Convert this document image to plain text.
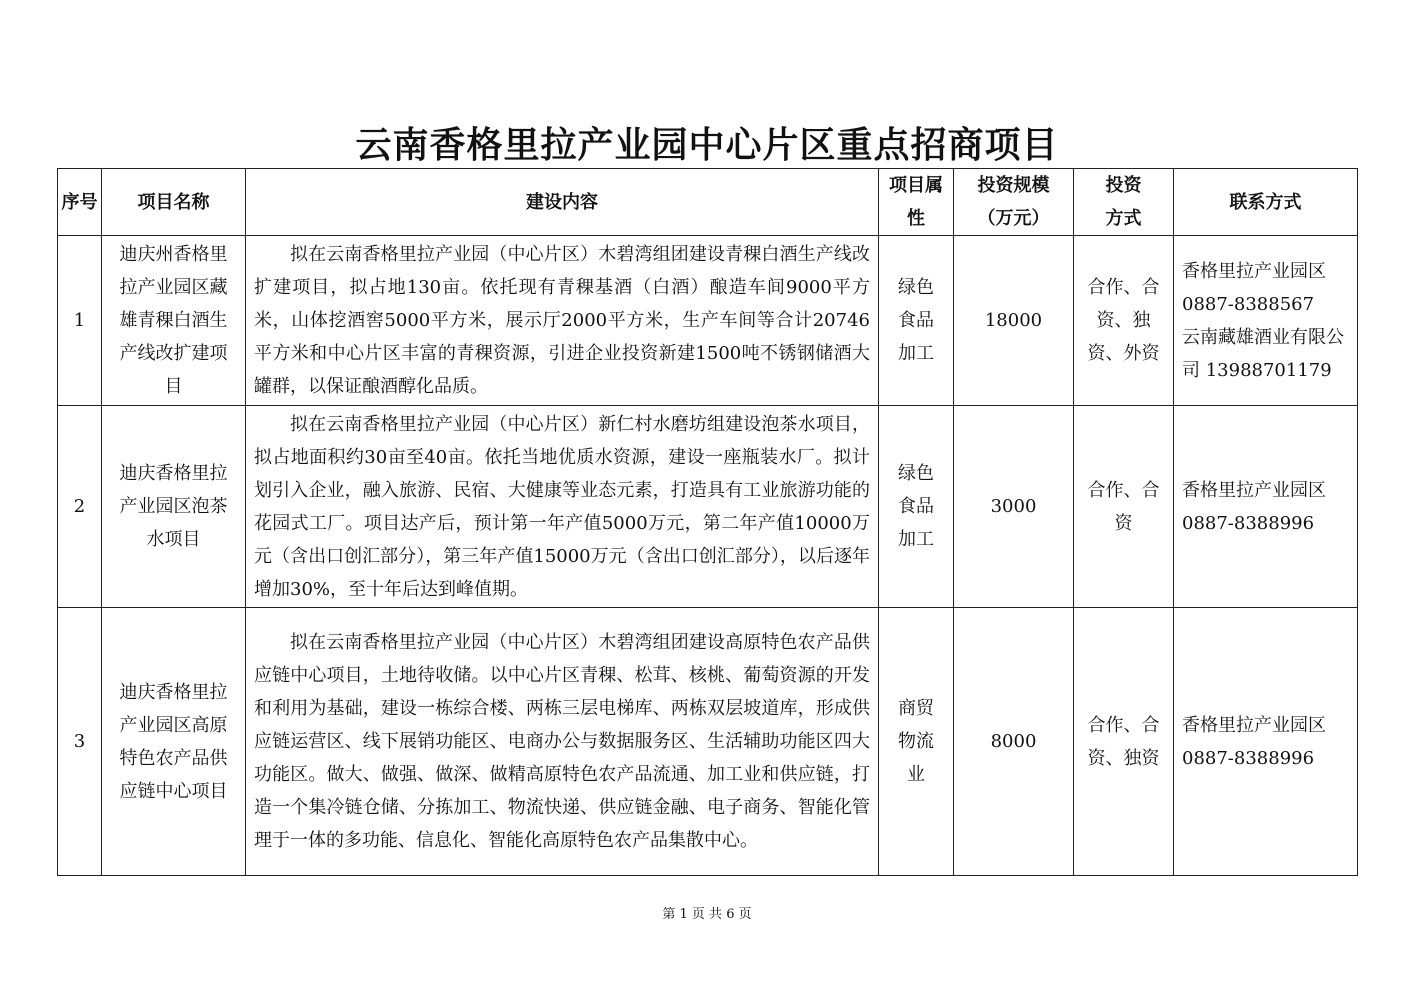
云南香格里拉产业园中心片区重点招商项目
序号	项目名称	建设内容	项目属性	投资规模（万元）	投资方式	联系方式
1	迪庆州香格里拉产业园区藏雄青稞白酒生产线改扩建项目	拟在云南香格里拉产业园（中心片区）木碧湾组团建设青稞白酒生产线改扩建项目，拟占地130亩。依托现有青稞基酒（白酒）酿造车间9000平方米，山体挖酒窖5000平方米，展示厅2000平方米，生产车间等合计20746平方米和中心片区丰富的青稞资源，引进企业投资新建1500吨不锈钢储酒大罐群，以保证酿酒醇化品质。	绿色食品加工	18000	合作、合资、独资、外资	香格里拉产业园区
0887-8388567
云南藏雄酒业有限公司 13988701179

2	迪庆香格里拉产业园区泡茶水项目	拟在云南香格里拉产业园（中心片区）新仁村水磨坊组建设泡茶水项目，拟占地面积约30亩至40亩。依托当地优质水资源，建设一座瓶装水厂。拟计划引入企业，融入旅游、民宿、大健康等业态元素，打造具有工业旅游功能的花园式工厂。项目达产后，预计第一年产值5000万元，第二年产值10000万元（含出口创汇部分），第三年产值15000万元（含出口创汇部分），以后逐年增加30%，至十年后达到峰值期。	绿色食品加工	3000	合作、合资	香格里拉产业园区
0887-8388996

3	迪庆香格里拉产业园区高原特色农产品供应链中心项目	拟在云南香格里拉产业园（中心片区）木碧湾组团建设高原特色农产品供应链中心项目，土地待收储。以中心片区青稞、松茸、核桃、葡萄资源的开发和利用为基础，建设一栋综合楼、两栋三层电梯库、两栋双层坡道库，形成供应链运营区、线下展销功能区、电商办公与数据服务区、生活辅助功能区四大功能区。做大、做强、做深、做精高原特色农产品流通、加工业和供应链，打造一个集冷链仓储、分拣加工、物流快递、供应链金融、电子商务、智能化管理于一体的多功能、信息化、智能化高原特色农产品集散中心。	商贸物流业	8000	合作、合资、独资	香格里拉产业园区
0887-8388996
第 1 页 共 6 页
